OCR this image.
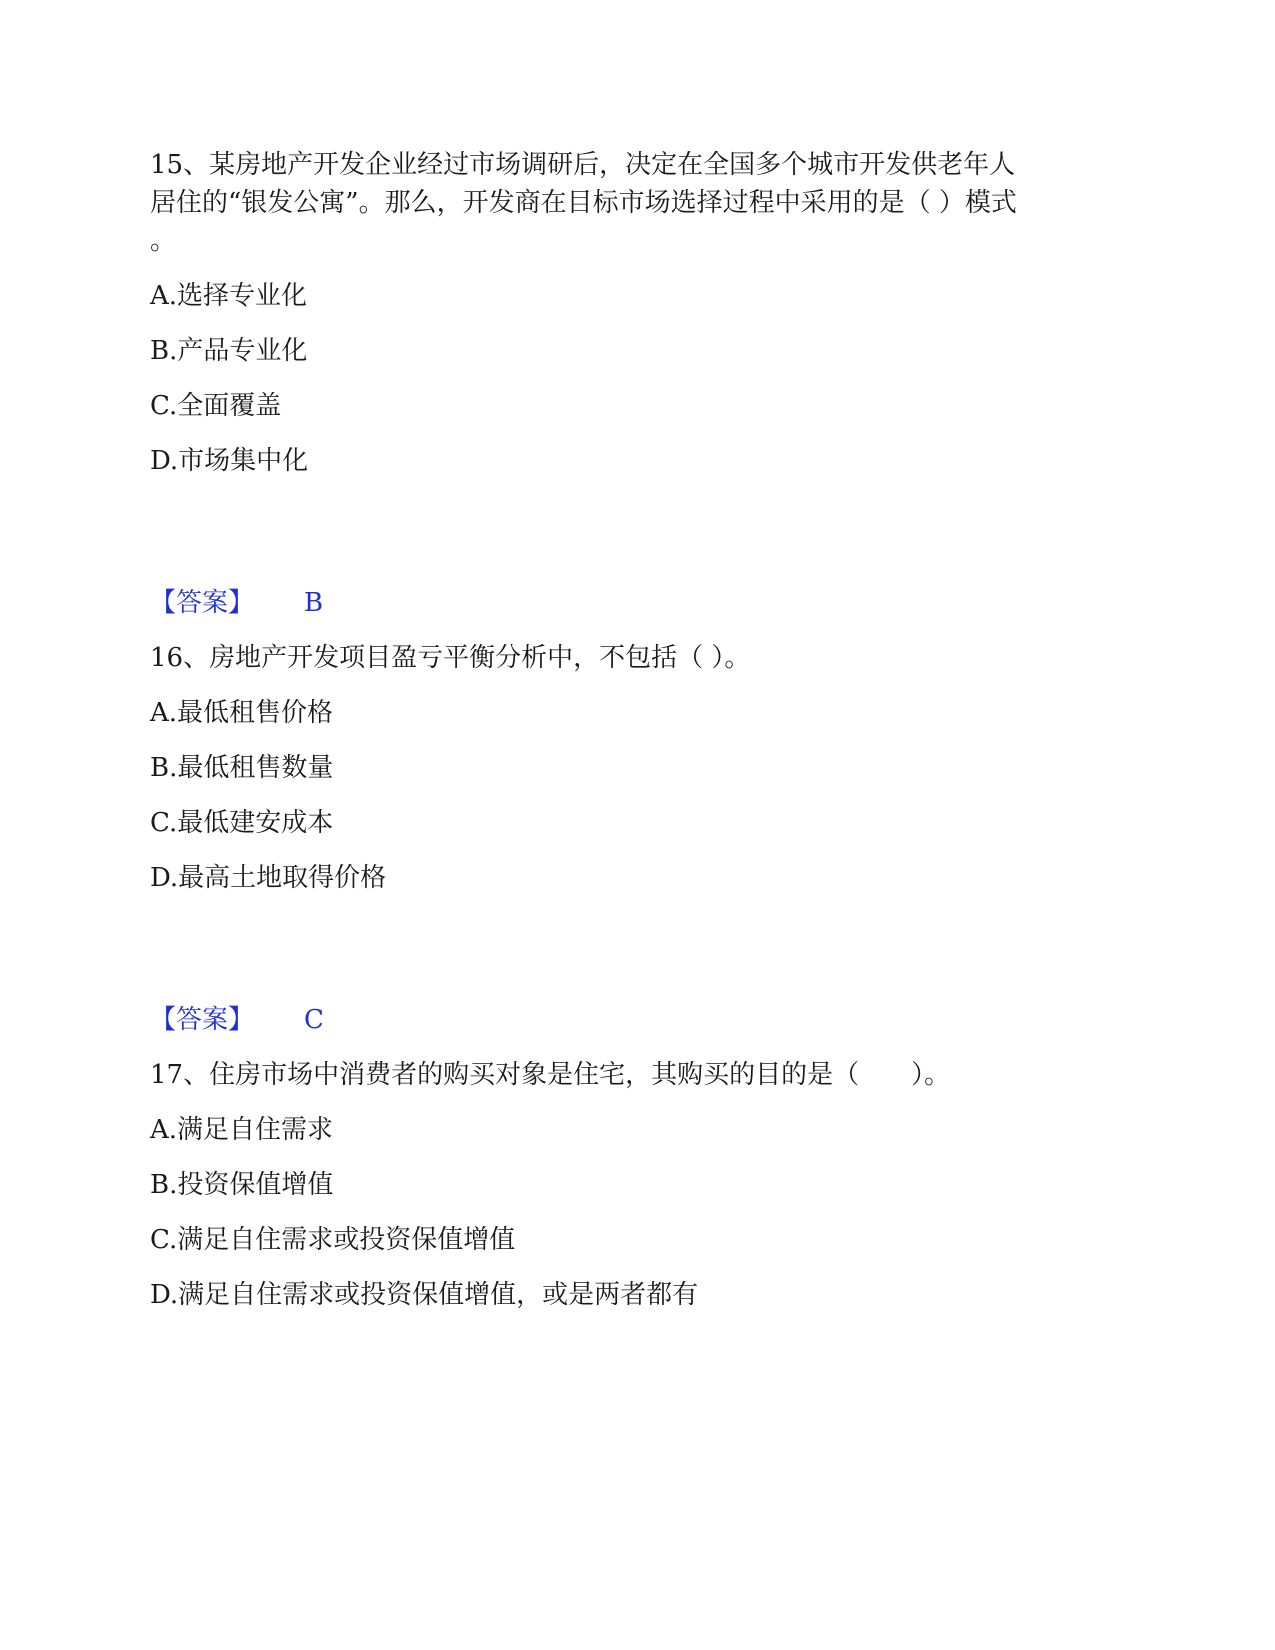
15、某房地产开发企业经过市场调研后，决定在全国多个城市开发供老年人
居住的“银发公寓”。那么，开发商在目标市场选择过程中采用的是（ ）模式
。
A.选择专业化
B.产品专业化
C.全面覆盖
D.市场集中化
【答案】 B
16、房地产开发项目盈亏平衡分析中，不包括（ ）。
A.最低租售价格
B.最低租售数量
C.最低建安成本
D.最高土地取得价格
【答案】 C
17、住房市场中消费者的购买对象是住宅，其购买的目的是（　　）。
A.满足自住需求
B.投资保值增值
C.满足自住需求或投资保值增值
D.满足自住需求或投资保值增值，或是两者都有
